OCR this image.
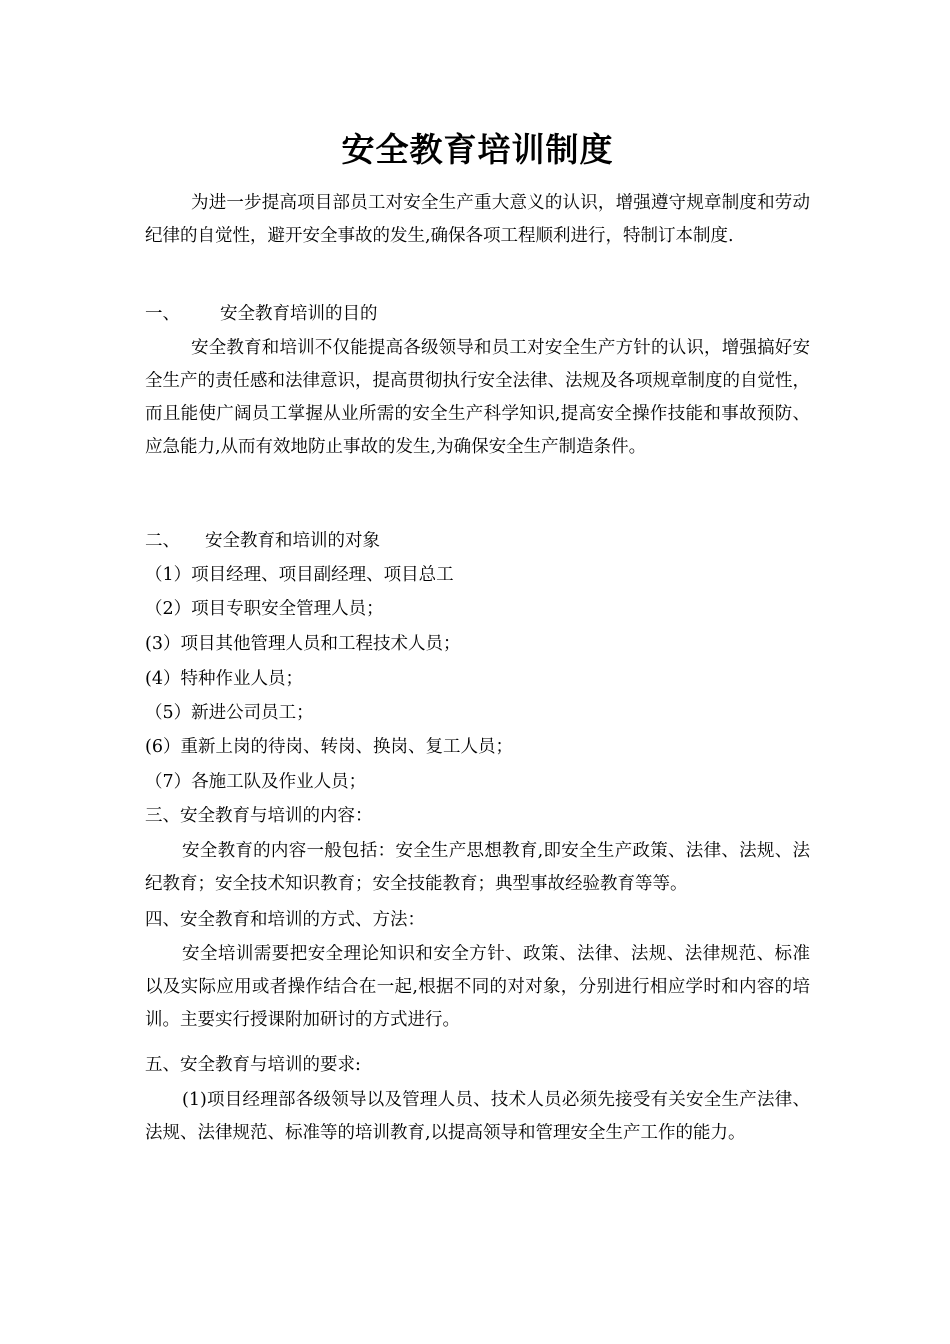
安全教育培训制度
为进一步提高项目部员工对安全生产重大意义的认识，增强遵守规章制度和劳动纪律的自觉性，避开安全事故的发生,确保各项工程顺利进行，特制订本制度.
一、 安全教育培训的目的
安全教育和培训不仅能提高各级领导和员工对安全生产方针的认识，增强搞好安全生产的责任感和法律意识，提高贯彻执行安全法律、法规及各项规章制度的自觉性，而且能使广阔员工掌握从业所需的安全生产科学知识,提高安全操作技能和事故预防、应急能力,从而有效地防止事故的发生,为确保安全生产制造条件。
二、 安全教育和培训的对象
（1）项目经理、项目副经理、项目总工
（2）项目专职安全管理人员；
(3）项目其他管理人员和工程技术人员；
(4）特种作业人员；
（5）新进公司员工；
(6）重新上岗的待岗、转岗、换岗、复工人员；
（7）各施工队及作业人员；
三、安全教育与培训的内容：
安全教育的内容一般包括：安全生产思想教育,即安全生产政策、法律、法规、法纪教育；安全技术知识教育；安全技能教育；典型事故经验教育等等。
四、安全教育和培训的方式、方法：
安全培训需要把安全理论知识和安全方针、政策、法律、法规、法律规范、标准以及实际应用或者操作结合在一起,根据不同的对对象，分别进行相应学时和内容的培训。主要实行授课附加研讨的方式进行。
五、安全教育与培训的要求:
(1)项目经理部各级领导以及管理人员、技术人员必须先接受有关安全生产法律、法规、法律规范、标准等的培训教育,以提高领导和管理安全生产工作的能力。
